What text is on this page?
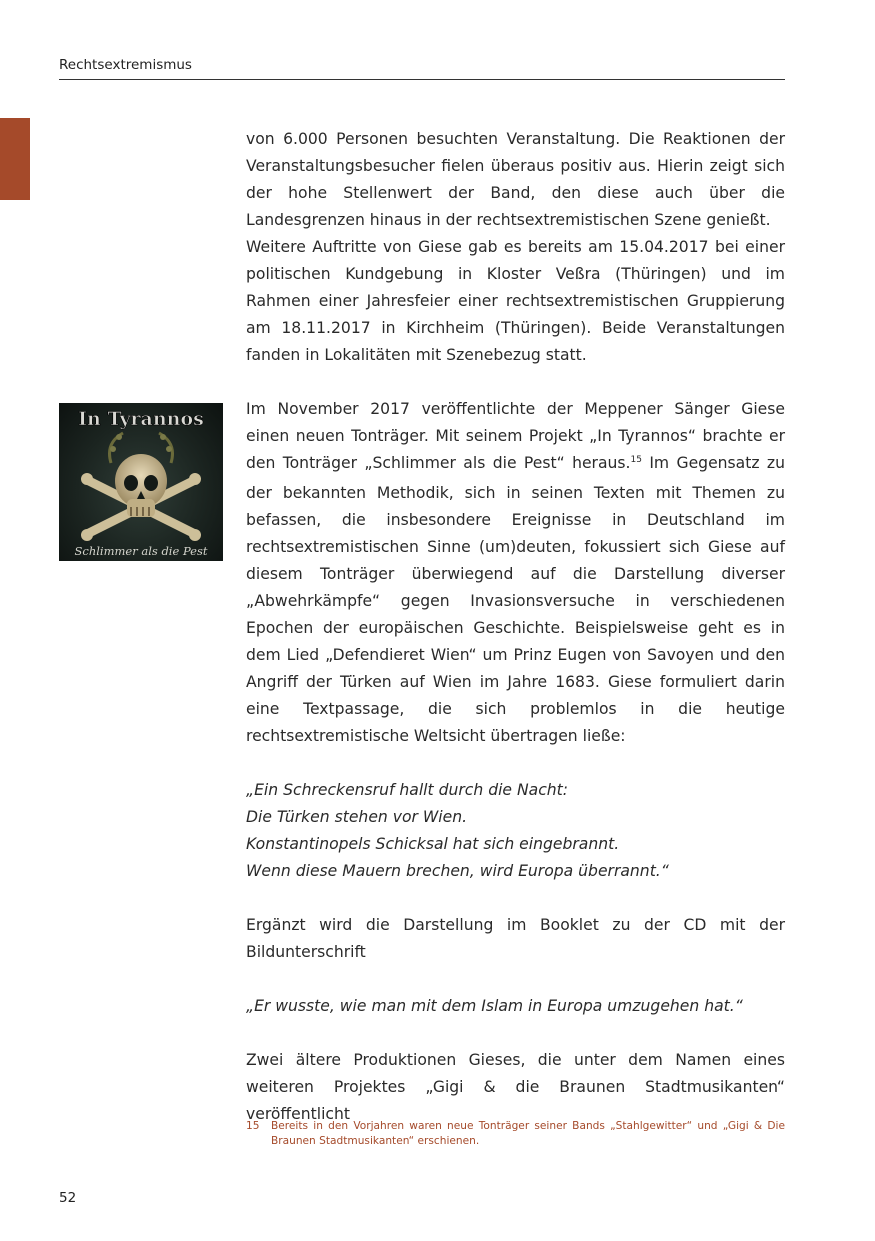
Rechtsextremismus

von 6.000 Personen besuchten Veranstaltung. Die Reaktionen der Veranstaltungsbesucher fielen überaus positiv aus. Hierin zeigt sich der hohe Stellenwert der Band, den diese auch über die Landesgrenzen hinaus in der rechtsextremistischen Szene genießt.

Weitere Auftritte von Giese gab es bereits am 15.04.2017 bei einer politischen Kundgebung in Kloster Veßra (Thüringen) und im Rahmen einer Jahresfeier einer rechtsextremistischen Gruppierung am 18.11.2017 in Kirchheim (Thüringen). Beide Veranstaltungen fanden in Lokalitäten mit Szenebezug statt.

Im November 2017 veröffentlichte der Meppener Sänger Giese einen neuen Tonträger. Mit seinem Projekt „In Tyrannos“ brachte er den Tonträger „Schlimmer als die Pest“ heraus.$^{15}$ Im Gegensatz zu der bekannten Methodik, sich in seinen Texten mit Themen zu befassen, die insbesondere Ereignisse in Deutschland im rechtsextremistischen Sinne (um)deuten, fokussiert sich Giese auf diesem Tonträger überwiegend auf die Darstellung diverser „Abwehrkämpfe“ gegen Invasionsversuche in verschiedenen Epochen der europäischen Geschichte. Beispielsweise geht es in dem Lied „Defendieret Wien“ um Prinz Eugen von Savoyen und den Angriff der Türken auf Wien im Jahre 1683. Giese formuliert darin eine Textpassage, die sich problemlos in die heutige rechtsextremistische Weltsicht übertragen ließe:

„Ein Schreckensruf hallt durch die Nacht:
Die Türken stehen vor Wien.
Konstantinopels Schicksal hat sich eingebrannt.
Wenn diese Mauern brechen, wird Europa überrannt.“

Ergänzt wird die Darstellung im Booklet zu der CD mit der Bildunterschrift

„Er wusste, wie man mit dem Islam in Europa umzugehen hat.“

Zwei ältere Produktionen Gieses, die unter dem Namen eines weiteren Projektes „Gigi & die Braunen Stadtmusikanten“ veröffentlicht

In Tyrannos
Schlimmer als die Pest
15 Bereits in den Vorjahren waren neue Tonträger seiner Bands „Stahlgewitter“ und „Gigi & Die Braunen Stadtmusikanten“ erschienen.
52
